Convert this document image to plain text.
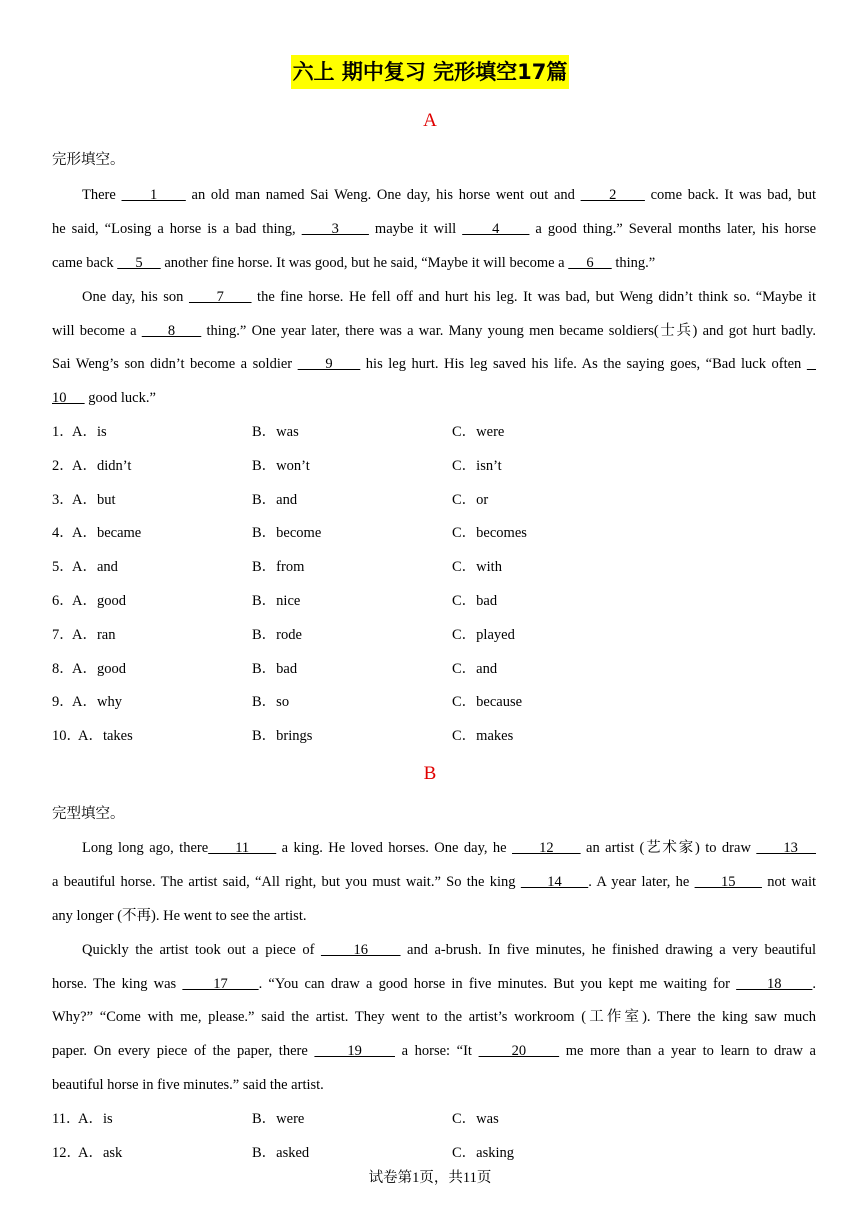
六上 期中复习 完形填空17篇
A
完形填空。
There      1      an old man named Sai Weng. One day, his horse went out and      2      come back. It was bad, but
he said, “Losing a horse is a bad thing,      3      maybe it will      4      a good thing.” Several months later, his horse
came back      5      another fine horse. It was good, but he said, “Maybe it will become a      6      thing.”
One day, his son      7      the fine horse. He fell off and hurt his leg. It was bad, but Weng didn’t think so. “Maybe it
will become a      8      thing.” One year later, there was a war. Many young men became soldiers(士兵) and got hurt badly.
Sai Weng’s son didn’t become a soldier      9      his leg hurt. His leg saved his life. As the saying goes, “Bad luck often
10      good luck.”
1．
A．is	B．was	C．were
2．
A．didn’t	B．won’t	C．isn’t
3．
A．but	B．and	C．or
4．
A．became	B．become	C．becomes
5．
A．and	B．from	C．with
6．
A．good	B．nice	C．bad
7．
A．ran	B．rode	C．played
8．
A．good	B．bad	C．and
9．
A．why	B．so	C．because
10．
A．takes	B．brings	C．makes
B
完型填空。
Long long ago, there     11      a king. He loved horses. One day, he      12      an artist (艺术家) to draw      13
a beautiful horse. The artist said, “All right, but you must wait.” So the king      14     . A year later, he      15      not wait
any longer (不再). He went to see the artist.
Quickly the artist took out a piece of      16      and a-brush. In five minutes, he finished drawing a very beautiful
horse. The king was      17     . “You can draw a good horse in five minutes. But you kept me waiting for      18     .
Why?” “Come with me, please.” said the artist. They went to the artist’s workroom (工作室). There the king saw much
paper. On every piece of the paper, there      19      a horse: “It      20      me more than a year to learn to draw a
beautiful horse in five minutes.” said the artist.
11．
A．is	B．were	C．was
12．
A．ask	B．asked	C．asking
试卷第1页，共11页
